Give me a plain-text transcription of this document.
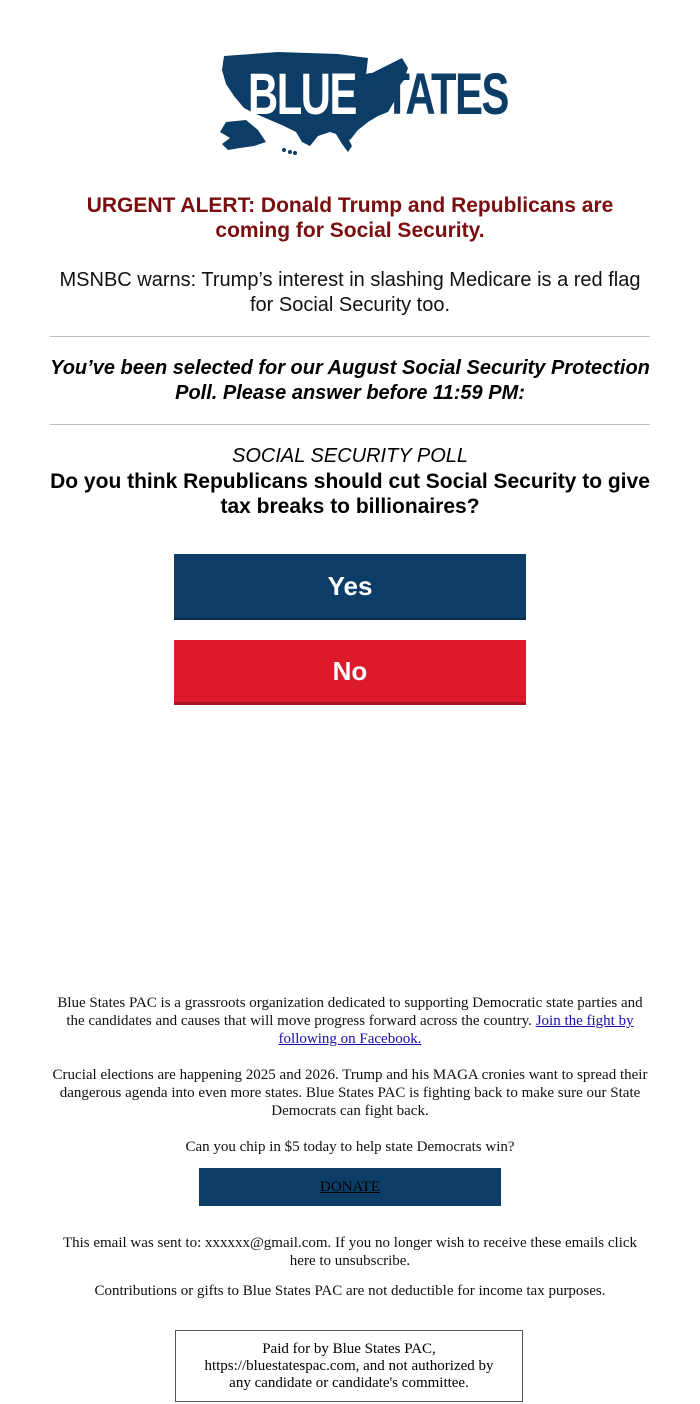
BLUE STATES
URGENT ALERT: Donald Trump and Republicans are coming for Social Security.
MSNBC warns: Trump’s interest in slashing Medicare is a red flag for Social Security too.
You’ve been selected for our August Social Security Protection Poll. Please answer before 11:59 PM:
SOCIAL SECURITY POLL
Do you think Republicans should cut Social Security to give tax breaks to billionaires?
Yes
No
Blue States PAC is a grassroots organization dedicated to supporting Democratic state parties and the candidates and causes that will move progress forward across the country. Join the fight by following on Facebook.
Crucial elections are happening 2025 and 2026. Trump and his MAGA cronies want to spread their dangerous agenda into even more states. Blue States PAC is fighting back to make sure our State Democrats can fight back.
Can you chip in $5 today to help state Democrats win?
DONATE
This email was sent to: xxxxxx@gmail.com. If you no longer wish to receive these emails click here to unsubscribe.
Contributions or gifts to Blue States PAC are not deductible for income tax purposes.
Paid for by Blue States PAC, https://bluestatespac.com, and not authorized by any candidate or candidate's committee.
